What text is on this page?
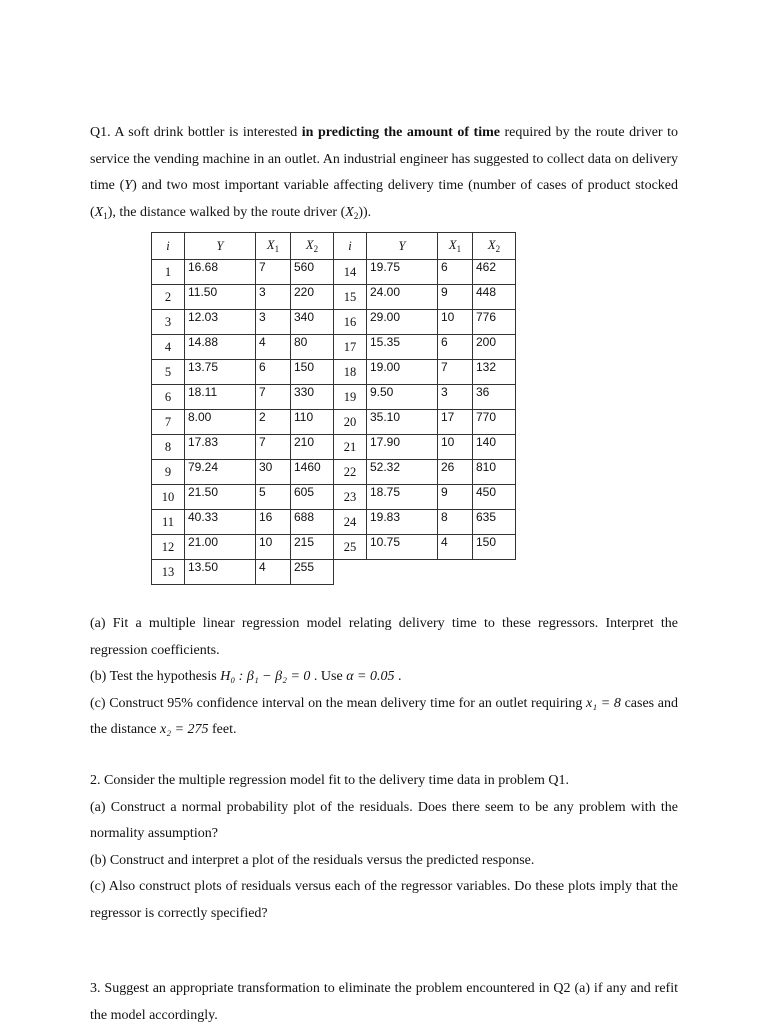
Q1. A soft drink bottler is interested in predicting the amount of time required by the route driver to service the vending machine in an outlet. An industrial engineer has suggested to collect data on delivery time (Y) and two most important variable affecting delivery time (number of cases of product stocked $(X_1)$, the distance walked by the route driver $(X_2)$).

i	Y	$X_1$	$X_2$	i	Y	$X_1$	$X_2$
1	16.68	7	560	14	19.75	6	462
2	11.50	3	220	15	24.00	9	448
3	12.03	3	340	16	29.00	10	776
4	14.88	4	80	17	15.35	6	200
5	13.75	6	150	18	19.00	7	132
6	18.11	7	330	19	9.50	3	36
7	8.00	2	110	20	35.10	17	770
8	17.83	7	210	21	17.90	10	140
9	79.24	30	1460	22	52.32	26	810
10	21.50	5	605	23	18.75	9	450
11	40.33	16	688	24	19.83	8	635
12	21.00	10	215	25	10.75	4	150
13	13.50	4	255				

(a) Fit a multiple linear regression model relating delivery time to these regressors. Interpret the regression coefficients.

(b) Test the hypothesis H₀ : β₁ − β₂ = 0 . Use α = 0.05 .

(c) Construct 95% confidence interval on the mean delivery time for an outlet requiring x₁ = 8 cases and the distance x₂ = 275 feet.

2. Consider the multiple regression model fit to the delivery time data in problem Q1.

(a) Construct a normal probability plot of the residuals. Does there seem to be any problem with the normality assumption?

(b) Construct and interpret a plot of the residuals versus the predicted response.

(c) Also construct plots of residuals versus each of the regressor variables. Do these plots imply that the regressor is correctly specified?

3. Suggest an appropriate transformation to eliminate the problem encountered in Q2 (a) if any and refit the model accordingly.
